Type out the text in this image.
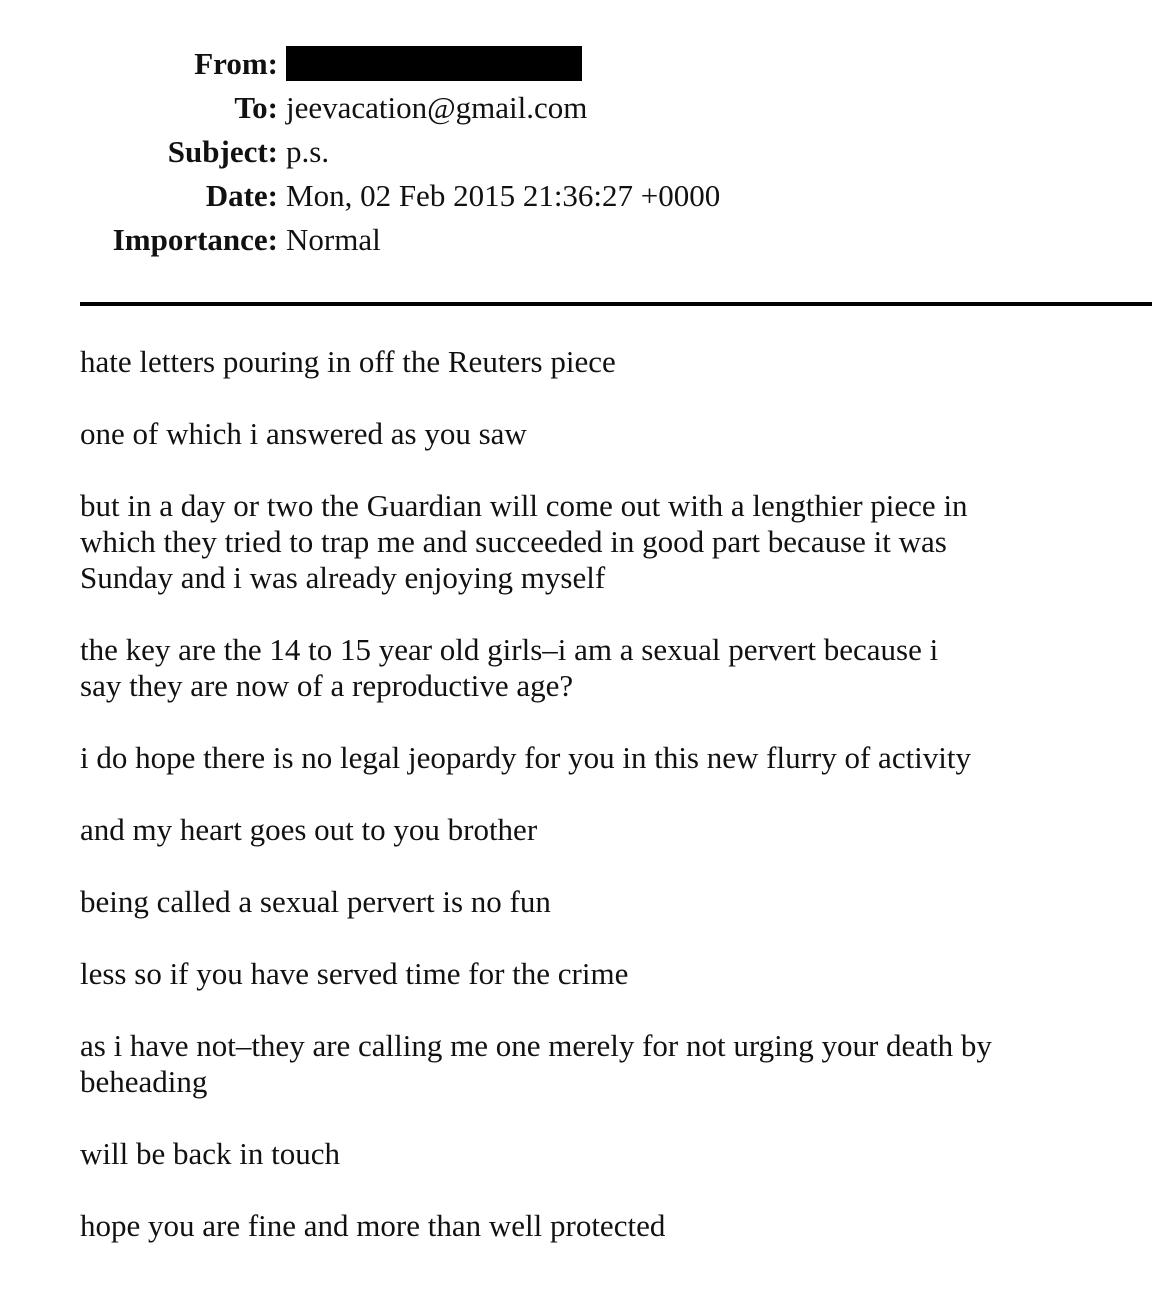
From:
To: jeevacation@gmail.com
Subject: p.s.
Date: Mon, 02 Feb 2015 21:36:27 +0000
Importance: Normal

hate letters pouring in off the Reuters piece

one of which i answered as you saw

but in a day or two the Guardian will come out with a lengthier piece in
which they tried to trap me and succeeded in good part because it was
Sunday and i was already enjoying myself

the key are the 14 to 15 year old girls–i am a sexual pervert because i
say they are now of a reproductive age?

i do hope there is no legal jeopardy for you in this new flurry of activity

and my heart goes out to you brother

being called a sexual pervert is no fun

less so if you have served time for the crime

as i have not–they are calling me one merely for not urging your death by
beheading

will be back in touch

hope you are fine and more than well protected
